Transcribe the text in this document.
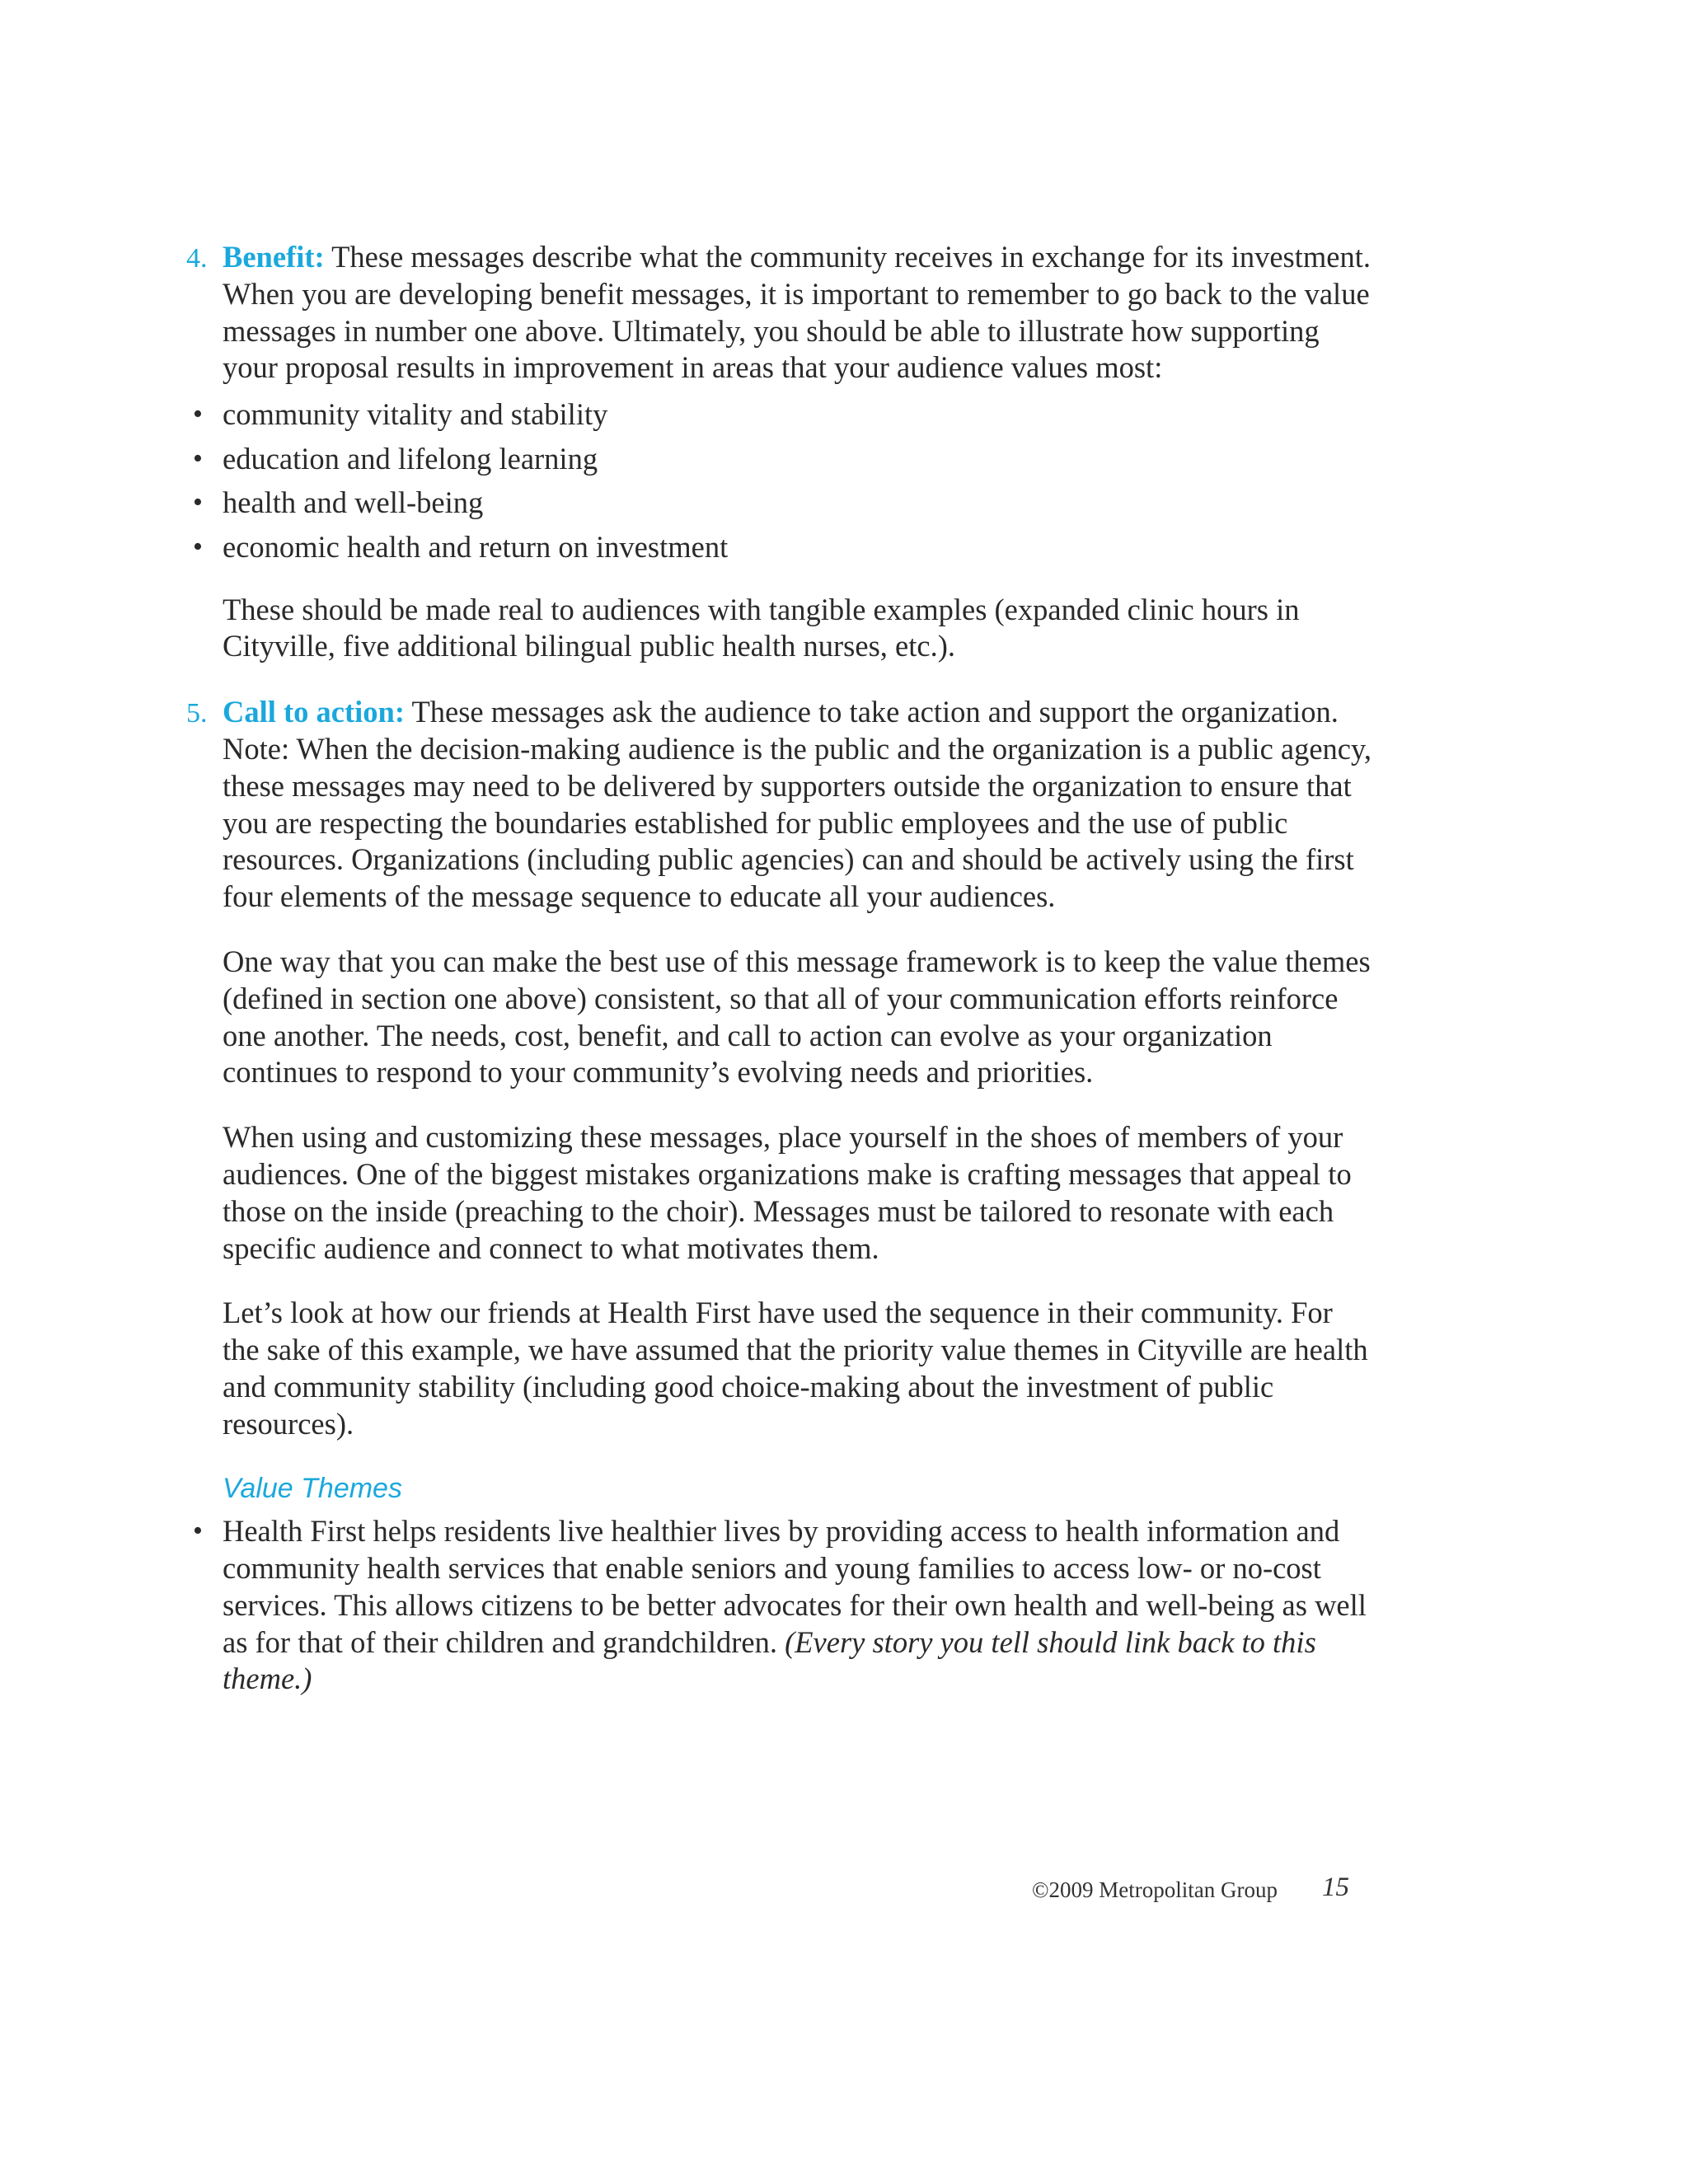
4. Benefit: These messages describe what the community receives in exchange for its investment. When you are developing benefit messages, it is important to remember to go back to the value messages in number one above. Ultimately, you should be able to illustrate how supporting your proposal results in improvement in areas that your audience values most:
• community vitality and stability
• education and lifelong learning
• health and well-being
• economic health and return on investment
These should be made real to audiences with tangible examples (expanded clinic hours in Cityville, five additional bilingual public health nurses, etc.).
5. Call to action: These messages ask the audience to take action and support the organization. Note: When the decision-making audience is the public and the organization is a public agency, these messages may need to be delivered by supporters outside the organization to ensure that you are respecting the boundaries established for public employees and the use of public resources. Organizations (including public agencies) can and should be actively using the first four elements of the message sequence to educate all your audiences.
One way that you can make the best use of this message framework is to keep the value themes (defined in section one above) consistent, so that all of your communication efforts reinforce one another. The needs, cost, benefit, and call to action can evolve as your organization continues to respond to your community’s evolving needs and priorities.
When using and customizing these messages, place yourself in the shoes of members of your audiences. One of the biggest mistakes organizations make is crafting messages that appeal to those on the inside (preaching to the choir). Messages must be tailored to resonate with each specific audience and connect to what motivates them.
Let’s look at how our friends at Health First have used the sequence in their community. For the sake of this example, we have assumed that the priority value themes in Cityville are health and community stability (including good choice-making about the investment of public resources).
Value Themes
• Health First helps residents live healthier lives by providing access to health information and community health services that enable seniors and young families to access low- or no-cost services. This allows citizens to be better advocates for their own health and well-being as well as for that of their children and grandchildren. (Every story you tell should link back to this theme.)
©2009 Metropolitan Group 15
